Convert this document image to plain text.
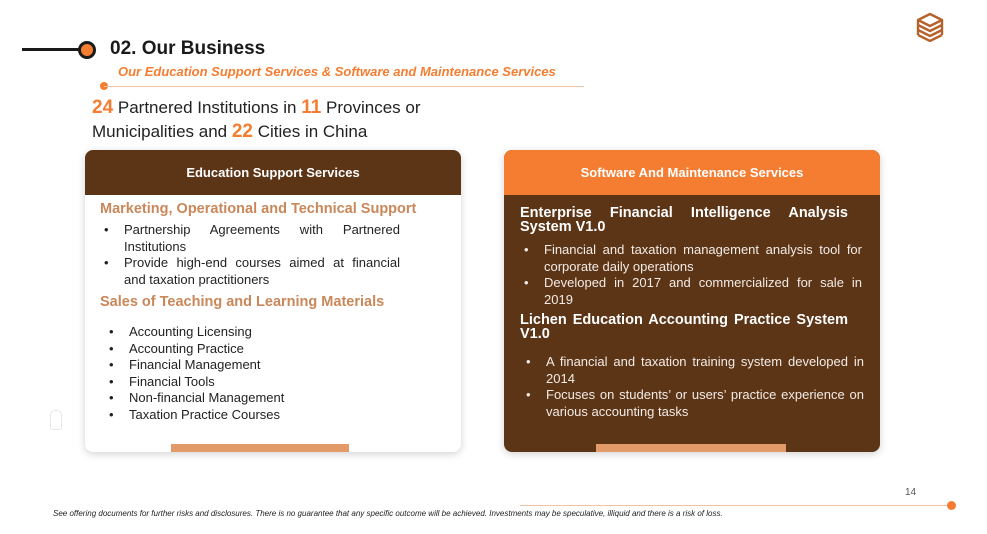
02. Our Business

Our Education Support Services & Software and Maintenance Services

24 Partnered Institutions in 11 Provinces or Municipalities and 22 Cities in China

Education Support Services

Marketing, Operational and Technical Support

• Partnership Agreements with Partnered Institutions
• Provide high-end courses aimed at financial and taxation practitioners

Sales of Teaching and Learning Materials

• Accounting Licensing
• Accounting Practice
• Financial Management
• Financial Tools
• Non-financial Management
• Taxation Practice Courses
Software And Maintenance Services

Enterprise Financial Intelligence Analysis System V1.0

• Financial and taxation management analysis tool for corporate daily operations
• Developed in 2017 and commercialized for sale in 2019

Lichen Education Accounting Practice System V1.0

• A financial and taxation training system developed in 2014
• Focuses on students’ or users’ practice experience on various accounting tasks
14

See offering documents for further risks and disclosures. There is no guarantee that any specific outcome will be achieved. Investments may be speculative, illiquid and there is a risk of loss.
